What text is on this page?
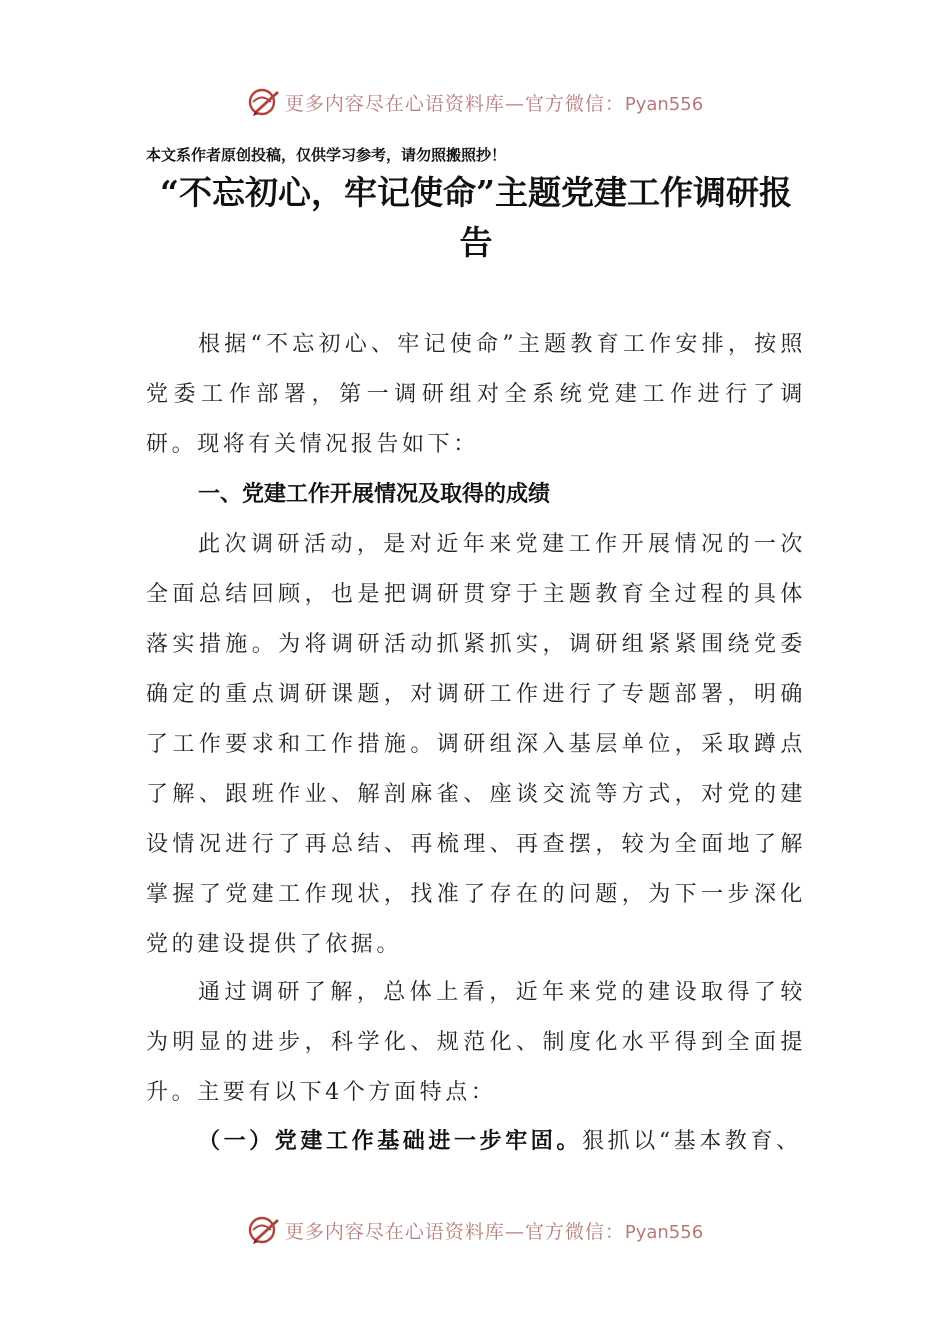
更多内容尽在心语资料库—官方微信：Pyan556
本文系作者原创投稿，仅供学习参考，请勿照搬照抄！
“不忘初心，牢记使命”主题党建工作调研报告

根据“不忘初心、牢记使命”主题教育工作安排，按照党委工作部署，第一调研组对全系统党建工作进行了调研。现将有关情况报告如下：

一、党建工作开展情况及取得的成绩

此次调研活动，是对近年来党建工作开展情况的一次全面总结回顾，也是把调研贯穿于主题教育全过程的具体落实措施。为将调研活动抓紧抓实，调研组紧紧围绕党委确定的重点调研课题，对调研工作进行了专题部署，明确了工作要求和工作措施。调研组深入基层单位，采取蹲点了解、跟班作业、解剖麻雀、座谈交流等方式，对党的建设情况进行了再总结、再梳理、再查摆，较为全面地了解掌握了党建工作现状，找准了存在的问题，为下一步深化党的建设提供了依据。

通过调研了解，总体上看，近年来党的建设取得了较为明显的进步，科学化、规范化、制度化水平得到全面提升。主要有以下4个方面特点：

（一）党建工作基础进一步牢固。狠抓以“基本教育、

更多内容尽在心语资料库—官方微信：Pyan556
